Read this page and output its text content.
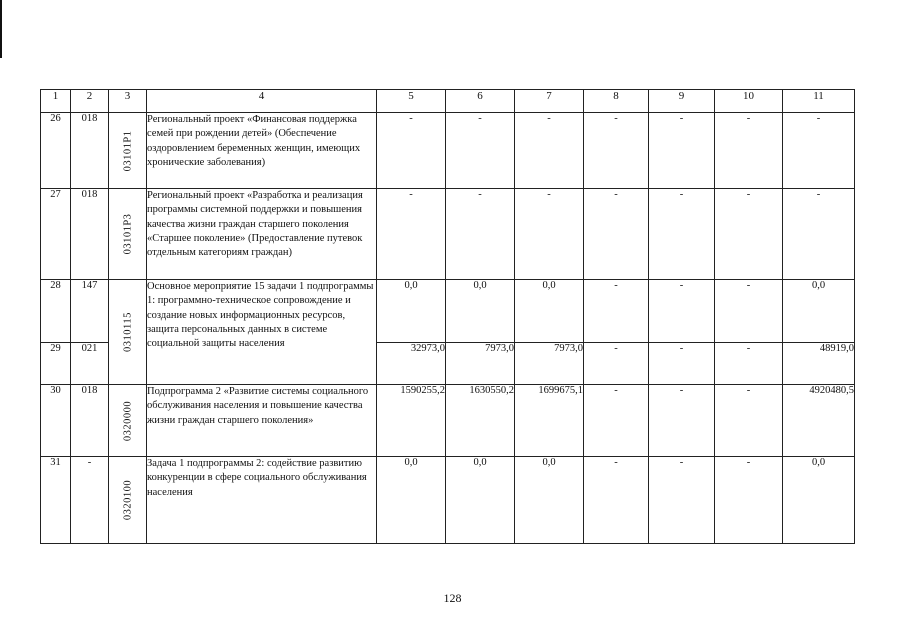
1	2	3	4	5	6	7	8	9	10	11
26	018	03101P1	Региональный проект «Финансовая поддержка семей при рождении детей» (Обеспечение оздоровлением беременных женщин, имеющих хронические заболевания)	-	-	-	-	-	-	-
27	018	03101P3	Региональный проект «Разработка и реализация программы системной поддержки и повышения качества жизни граждан старшего поколения «Старшее поколение» (Предоставление путевок отдельным категориям граждан)	-	-	-	-	-	-	-
28	147	0310115	Основное мероприятие 15 задачи 1 подпрограммы 1: программно-техническое сопровождение и создание новых информационных ресурсов, защита персональных данных в системе социальной защиты населения	0,0	0,0	0,0	-	-	-	0,0
29	021			32973,0	7973,0	7973,0	-	-	-	48919,0
30	018	0320000	Подпрограмма 2 «Развитие системы социального обслуживания населения и повышение качества жизни граждан старшего поколения»	1590255,2	1630550,2	1699675,1	-	-	-	4920480,5
31	-	0320100	Задача 1 подпрограммы 2: содействие развитию конкуренции в сфере социального обслуживания населения	0,0	0,0	0,0	-	-	-	0,0
128
